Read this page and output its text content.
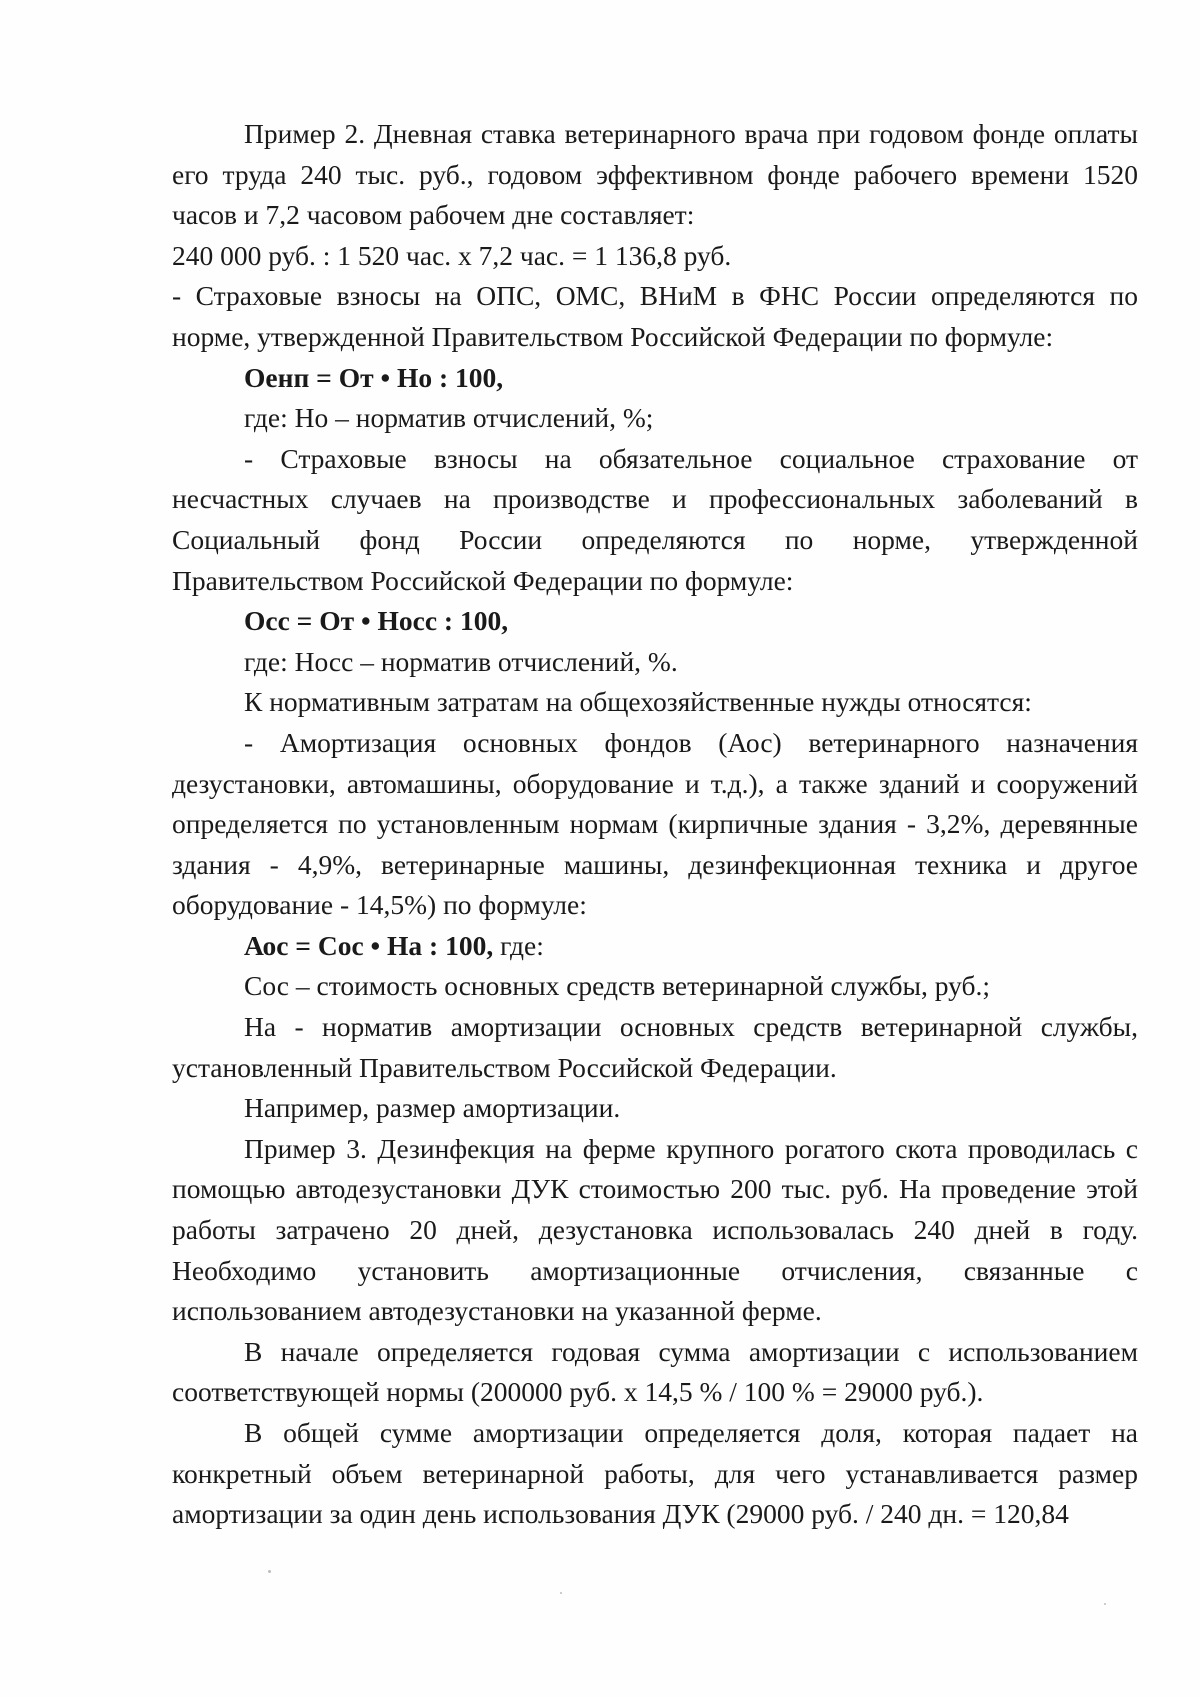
Пример 2. Дневная ставка ветеринарного врача при годовом фонде оплаты его труда 240 тыс. руб., годовом эффективном фонде рабочего времени 1520 часов и 7,2 часовом рабочем дне составляет:

240 000 руб. : 1 520 час. х 7,2 час. = 1 136,8 руб.

- Страховые взносы на ОПС, ОМС, ВНиМ в ФНС России определяются по норме, утвержденной Правительством Российской Федерации по формуле:

Оенп = От • Но : 100,

где: Но – норматив отчислений, %;

- Страховые взносы на обязательное социальное страхование от несчастных случаев на производстве и профессиональных заболеваний в Социальный фонд России определяются по норме, утвержденной Правительством Российской Федерации по формуле:

Осс = От • Носс : 100,

где: Носс – норматив отчислений, %.

К нормативным затратам на общехозяйственные нужды относятся:

- Амортизация основных фондов (Аос) ветеринарного назначения дезустановки, автомашины, оборудование и т.д.), а также зданий и сооружений определяется по установленным нормам (кирпичные здания - 3,2%, деревянные здания - 4,9%, ветеринарные машины, дезинфекционная техника и другое оборудование - 14,5%) по формуле:

Аос = Сос • На : 100, где:

Сос – стоимость основных средств ветеринарной службы, руб.;

На - норматив амортизации основных средств ветеринарной службы, установленный Правительством Российской Федерации.

Например, размер амортизации.

Пример 3. Дезинфекция на ферме крупного рогатого скота проводилась с помощью автодезустановки ДУК стоимостью 200 тыс. руб. На проведение этой работы затрачено 20 дней, дезустановка использовалась 240 дней в году. Необходимо установить амортизационные отчисления, связанные с использованием автодезустановки на указанной ферме.

В начале определяется годовая сумма амортизации с использованием соответствующей нормы (200000 руб. х 14,5 % / 100 % = 29000 руб.).

В общей сумме амортизации определяется доля, которая падает на конкретный объем ветеринарной работы, для чего устанавливается размер амортизации за один день использования ДУК (29000 руб. / 240 дн. = 120,84
